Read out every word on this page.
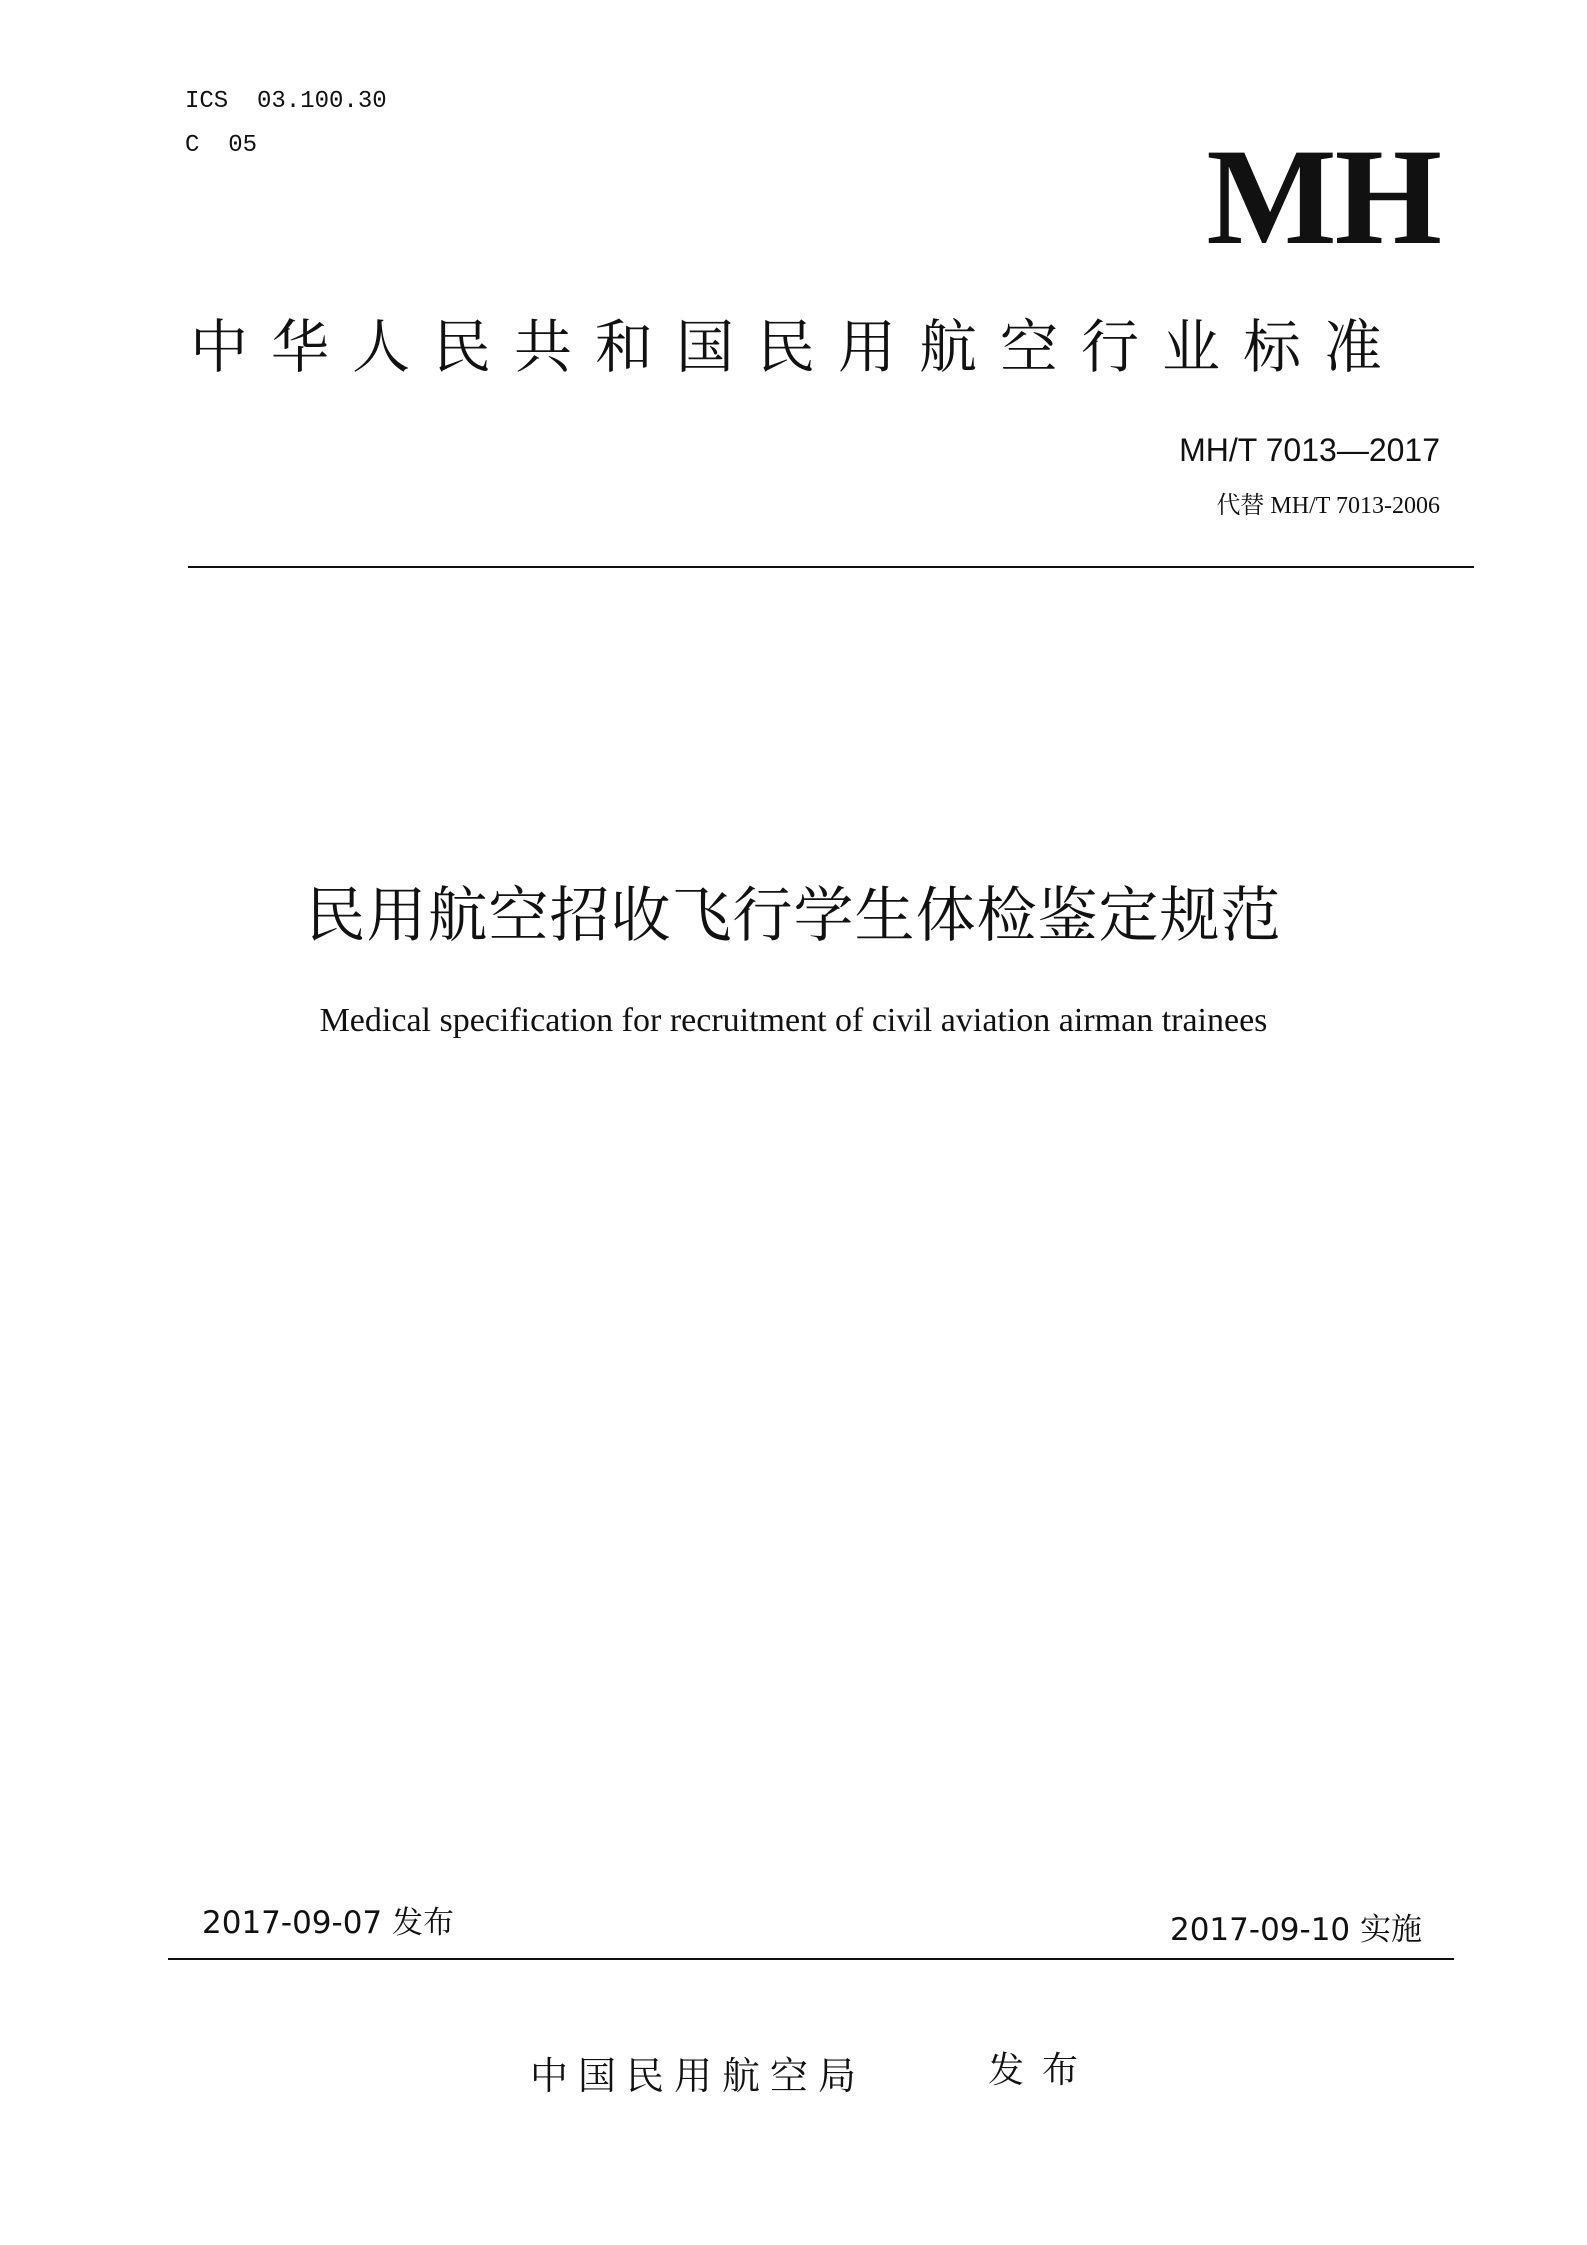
ICS  03.100.30
C  05	MH
中华人民共和国民用航空行业标准
MH/T 7013—2017
代替 MH/T 7013-2006
民用航空招收飞行学生体检鉴定规范
Medical specification for recruitment of civil aviation airman trainees
2017-09-07 发布	2017-09-10 实施
中国民用航空局	发布
